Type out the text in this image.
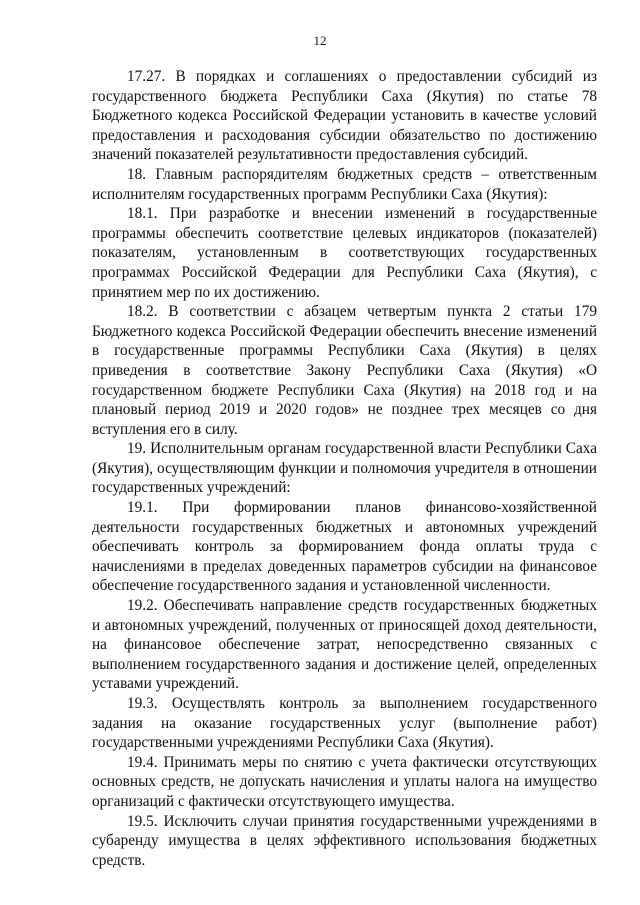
12

17.27. В порядках и соглашениях о предоставлении субсидий из государственного бюджета Республики Саха (Якутия) по статье 78 Бюджетного кодекса Российской Федерации установить в качестве условий предоставления и расходования субсидии обязательство по достижению значений показателей результативности предоставления субсидий.

18. Главным распорядителям бюджетных средств – ответственным исполнителям государственных программ Республики Саха (Якутия):

18.1. При разработке и внесении изменений в государственные программы обеспечить соответствие целевых индикаторов (показателей) показателям, установленным в соответствующих государственных программах Российской Федерации для Республики Саха (Якутия), с принятием мер по их достижению.

18.2. В соответствии с абзацем четвертым пункта 2 статьи 179 Бюджетного кодекса Российской Федерации обеспечить внесение изменений в государственные программы Республики Саха (Якутия) в целях приведения в соответствие Закону Республики Саха (Якутия) «О государственном бюджете Республики Саха (Якутия) на 2018 год и на плановый период 2019 и 2020 годов» не позднее трех месяцев со дня вступления его в силу.

19. Исполнительным органам государственной власти Республики Саха (Якутия), осуществляющим функции и полномочия учредителя в отношении государственных учреждений:

19.1. При формировании планов финансово-хозяйственной деятельности государственных бюджетных и автономных учреждений обеспечивать контроль за формированием фонда оплаты труда с начислениями в пределах доведенных параметров субсидии на финансовое обеспечение государственного задания и установленной численности.

19.2. Обеспечивать направление средств государственных бюджетных и автономных учреждений, полученных от приносящей доход деятельности, на финансовое обеспечение затрат, непосредственно связанных с выполнением государственного задания и достижение целей, определенных уставами учреждений.

19.3. Осуществлять контроль за выполнением государственного задания на оказание государственных услуг (выполнение работ) государственными учреждениями Республики Саха (Якутия).

19.4. Принимать меры по снятию с учета фактически отсутствующих основных средств, не допускать начисления и уплаты налога на имущество организаций с фактически отсутствующего имущества.

19.5. Исключить случаи принятия государственными учреждениями в субаренду имущества в целях эффективного использования бюджетных средств.
